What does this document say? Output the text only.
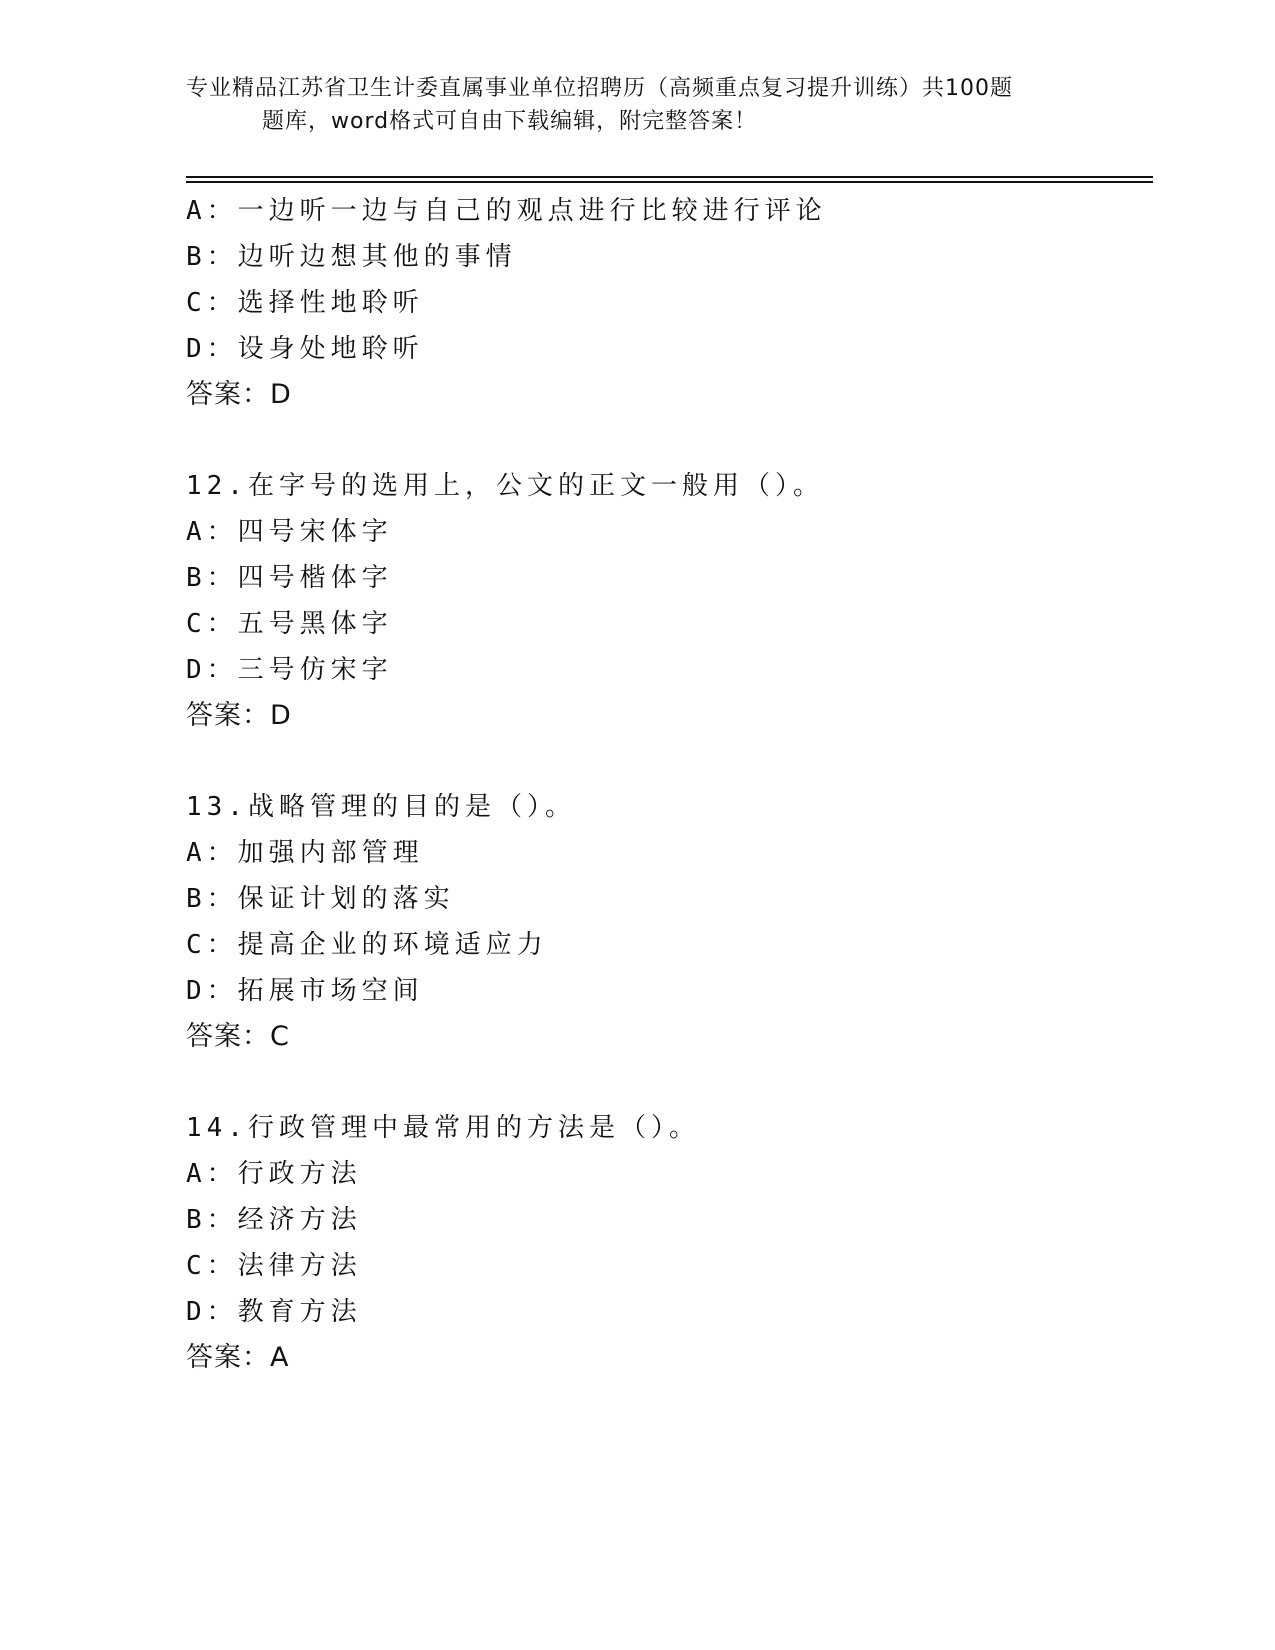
专业精品江苏省卫生计委直属事业单位招聘历（高频重点复习提升训练）共100题
题库，word格式可自由下载编辑，附完整答案！
A：一边听一边与自己的观点进行比较进行评论
B：边听边想其他的事情
C：选择性地聆听
D：设身处地聆听
答案：D
12.在字号的选用上，公文的正文一般用（）。
A：四号宋体字
B：四号楷体字
C：五号黑体字
D：三号仿宋字
答案：D
13.战略管理的目的是（）。
A：加强内部管理
B：保证计划的落实
C：提高企业的环境适应力
D：拓展市场空间
答案：C
14.行政管理中最常用的方法是（）。
A：行政方法
B：经济方法
C：法律方法
D：教育方法
答案：A
